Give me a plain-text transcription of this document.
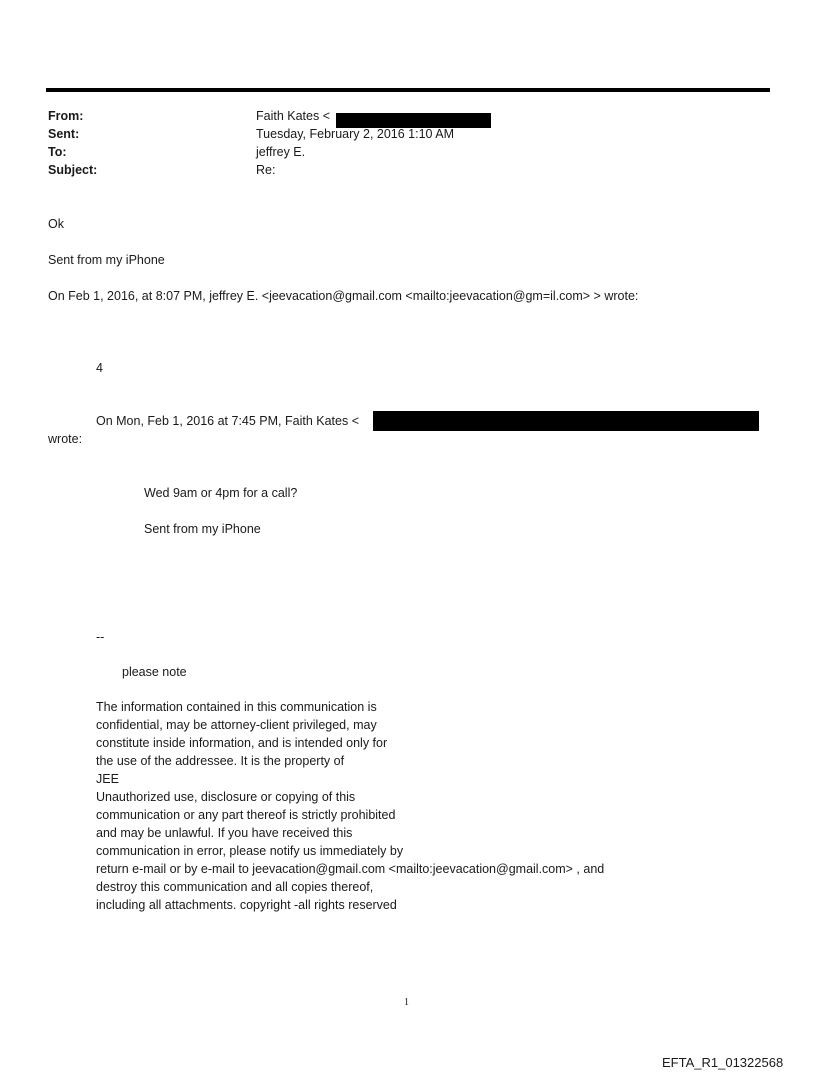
From:
Sent:
To:
Subject:
Faith Kates <
Tuesday, February 2, 2016 1:10 AM
jeffrey E.
Re:
Ok
Sent from my iPhone
On Feb 1, 2016, at 8:07 PM, jeffrey E. <jeevacation@gmail.com <mailto:jeevacation@gm=il.com> > wrote:
4
On Mon, Feb 1, 2016 at 7:45 PM, Faith Kates <
wrote:
Wed 9am or 4pm for a call?
Sent from my iPhone
--
please note
The information contained in this communication is
confidential, may be attorney-client privileged, may
constitute inside information, and is intended only for
the use of the addressee. It is the property of
JEE
Unauthorized use, disclosure or copying of this
communication or any part thereof is strictly prohibited
and may be unlawful. If you have received this
communication in error, please notify us immediately by
return e-mail or by e-mail to jeevacation@gmail.com <mailto:jeevacation@gmail.com> , and
destroy this communication and all copies thereof,
including all attachments. copyright -all rights reserved
1
EFTA_R1_01322568
